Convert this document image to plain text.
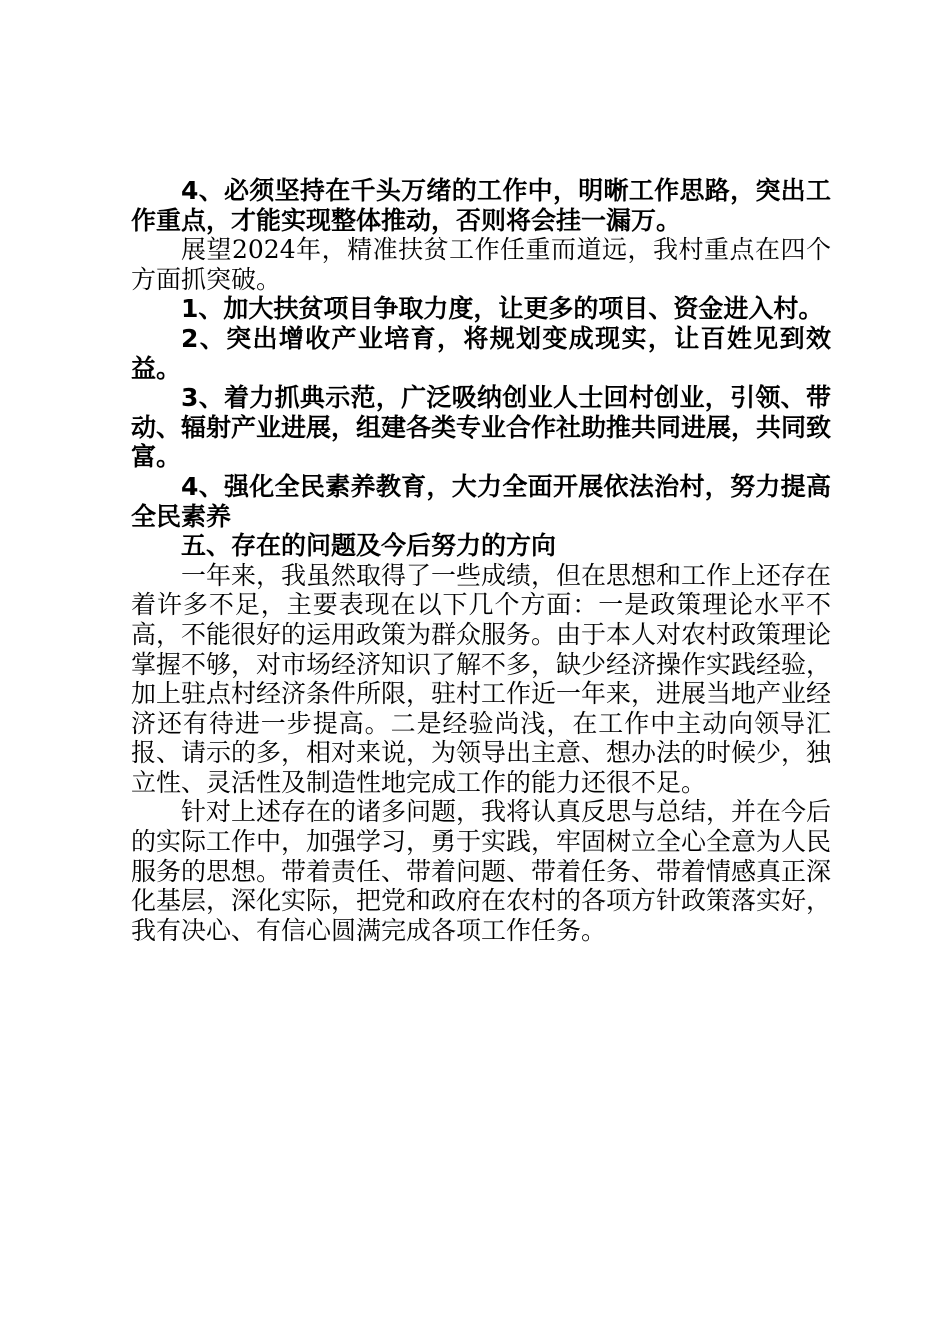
4、必须坚持在千头万绪的工作中，明晰工作思路，突出工作重点，才能实现整体推动，否则将会挂一漏万。

展望2024年，精准扶贫工作任重而道远，我村重点在四个方面抓突破。

1、加大扶贫项目争取力度，让更多的项目、资金进入村。

2、突出增收产业培育，将规划变成现实，让百姓见到效益。

3、着力抓典示范，广泛吸纳创业人士回村创业，引领、带动、辐射产业进展，组建各类专业合作社助推共同进展，共同致富。

4、强化全民素养教育，大力全面开展依法治村，努力提高全民素养

五、存在的问题及今后努力的方向

一年来，我虽然取得了一些成绩，但在思想和工作上还存在着许多不足，主要表现在以下几个方面：一是政策理论水平不高，不能很好的运用政策为群众服务。由于本人对农村政策理论掌握不够，对市场经济知识了解不多，缺少经济操作实践经验，加上驻点村经济条件所限，驻村工作近一年来，进展当地产业经济还有待进一步提高。二是经验尚浅，在工作中主动向领导汇报、请示的多，相对来说，为领导出主意、想办法的时候少，独立性、灵活性及制造性地完成工作的能力还很不足。

针对上述存在的诸多问题，我将认真反思与总结，并在今后的实际工作中，加强学习，勇于实践，牢固树立全心全意为人民服务的思想。带着责任、带着问题、带着任务、带着情感真正深化基层，深化实际，把党和政府在农村的各项方针政策落实好，我有决心、有信心圆满完成各项工作任务。
